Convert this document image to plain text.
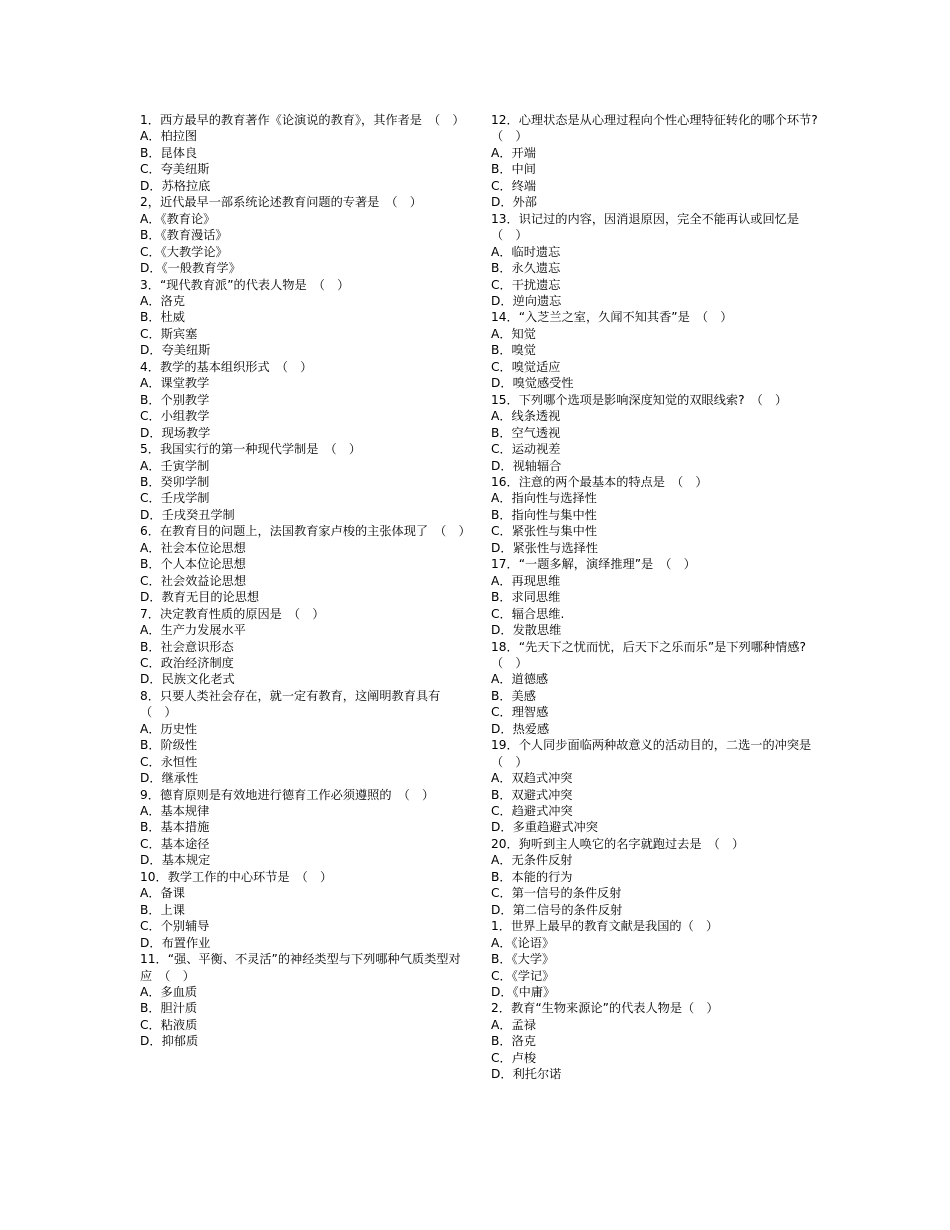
1．西方最早的教育著作《论演说的教育》，其作者是　（　）

A．柏拉图

B．昆体良

C．夸美纽斯

D．苏格拉底

2，近代最早一部系统论述教育问题的专著是　（　）

A．《教育论》

B．《教育漫话》

C．《大教学论》

D．《一般教育学》

3．“现代教育派”的代表人物是　（　）

A．洛克

B．杜威

C．斯宾塞

D．夸美纽斯

4．教学的基本组织形式　（　）

A．课堂教学

B．个别教学

C．小组教学

D．现场教学

5．我国实行的第一种现代学制是　（　）

A．壬寅学制

B．癸卯学制

C．壬戌学制

D．壬戌癸丑学制

6．在教育目的问题上，法国教育家卢梭的主张体现了　（　）

A．社会本位论思想

B．个人本位论思想

C．社会效益论思想

D．教育无目的论思想

7．决定教育性质的原因是　（　）

A．生产力发展水平

B．社会意识形态

C．政治经济制度

D．民族文化老式

8．只要人类社会存在，就一定有教育，这阐明教育具有　（　）

A．历史性

B．阶级性

C．永恒性

D．继承性

9．德育原则是有效地进行德育工作必须遵照的　（　）

A．基本规律

B．基本措施

C．基本途径

D．基本规定

10．教学工作的中心环节是　（　）

A．备课

B．上课

C．个别辅导

D．布置作业

11．“强、平衡、不灵活”的神经类型与下列哪种气质类型对应　（　）

A．多血质

B．胆汁质

C．粘液质

D．抑郁质

12．心理状态是从心理过程向个性心理特征转化的哪个环节?　（　）

A．开端

B．中间

C．终端

D．外部

13．识记过的内容，因消退原因，完全不能再认或回忆是　（　）

A．临时遗忘

B．永久遗忘

C．干扰遗忘

D．逆向遗忘

14．“入芝兰之室，久闻不知其香”是　（　）

A．知觉

B．嗅觉

C．嗅觉适应

D．嗅觉感受性

15．下列哪个选项是影响深度知觉的双眼线索?　（　）

A．线条透视

B．空气透视

C．运动视差

D．视轴辐合

16．注意的两个最基本的特点是　（　）

A．指向性与选择性

B．指向性与集中性

C．紧张性与集中性

D．紧张性与选择性

17．“一题多解，演绎推理”是　（　）

A．再现思维

B．求同思维

C．辐合思维.

D．发散思维

18．“先天下之忧而忧，后天下之乐而乐”是下列哪种情感?　（　）

A．道德感

B．美感

C．理智感

D．热爱感

19．个人同步面临两种故意义的活动目的，二选一的冲突是　（　）

A．双趋式冲突

B．双避式冲突

C．趋避式冲突

D．多重趋避式冲突

20．狗听到主人唤它的名字就跑过去是　（　）

A．无条件反射

B．本能的行为

C．第一信号的条件反射

D．第二信号的条件反射

1．世界上最早的教育文献是我国的（　）

A．《论语》

B．《大学》

C．《学记》

D．《中庸》

2．教育“生物来源论”的代表人物是（　）

A．孟禄

B．洛克

C．卢梭

D．利托尔诺
